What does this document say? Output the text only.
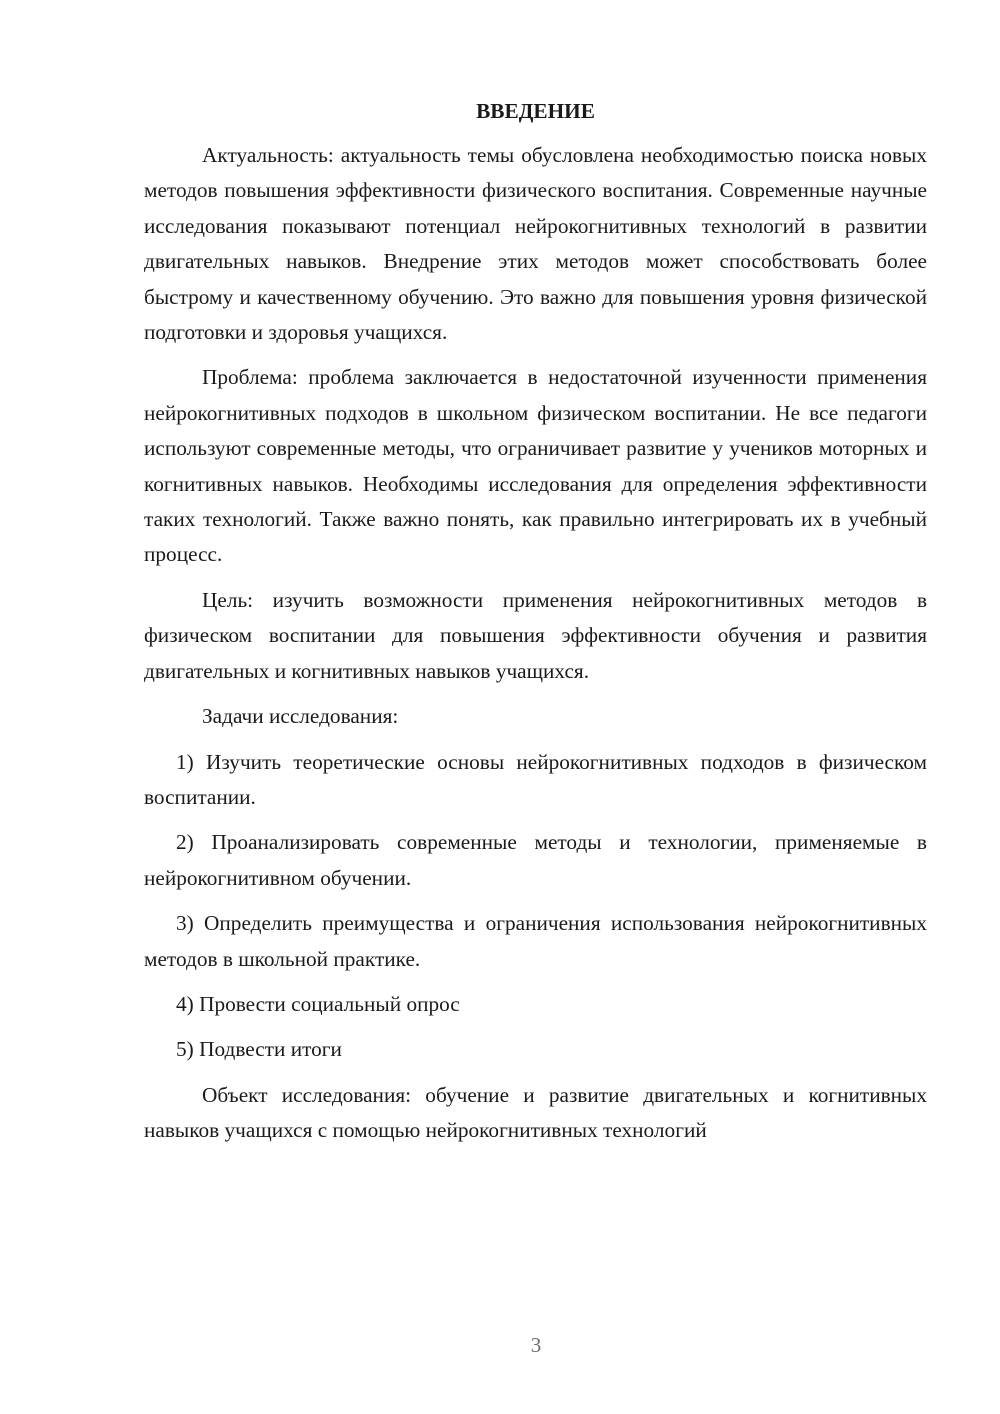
ВВЕДЕНИЕ

Актуальность: актуальность темы обусловлена необходимостью поиска новых методов повышения эффективности физического воспитания. Современные научные исследования показывают потенциал нейрокогнитивных технологий в развитии двигательных навыков. Внедрение этих методов может способствовать более быстрому и качественному обучению. Это важно для повышения уровня физической подготовки и здоровья учащихся.

Проблема: проблема заключается в недостаточной изученности применения нейрокогнитивных подходов в школьном физическом воспитании. Не все педагоги используют современные методы, что ограничивает развитие у учеников моторных и когнитивных навыков. Необходимы исследования для определения эффективности таких технологий. Также важно понять, как правильно интегрировать их в учебный процесс.

Цель: изучить возможности применения нейрокогнитивных методов в физическом воспитании для повышения эффективности обучения и развития двигательных и когнитивных навыков учащихся.

Задачи исследования:

1) Изучить теоретические основы нейрокогнитивных подходов в физическом воспитании.

2) Проанализировать современные методы и технологии, применяемые в нейрокогнитивном обучении.

3) Определить преимущества и ограничения использования нейрокогнитивных методов в школьной практике.

4) Провести социальный опрос

5) Подвести итоги

Объект исследования: обучение и развитие двигательных и когнитивных навыков учащихся с помощью нейрокогнитивных технологий

3
